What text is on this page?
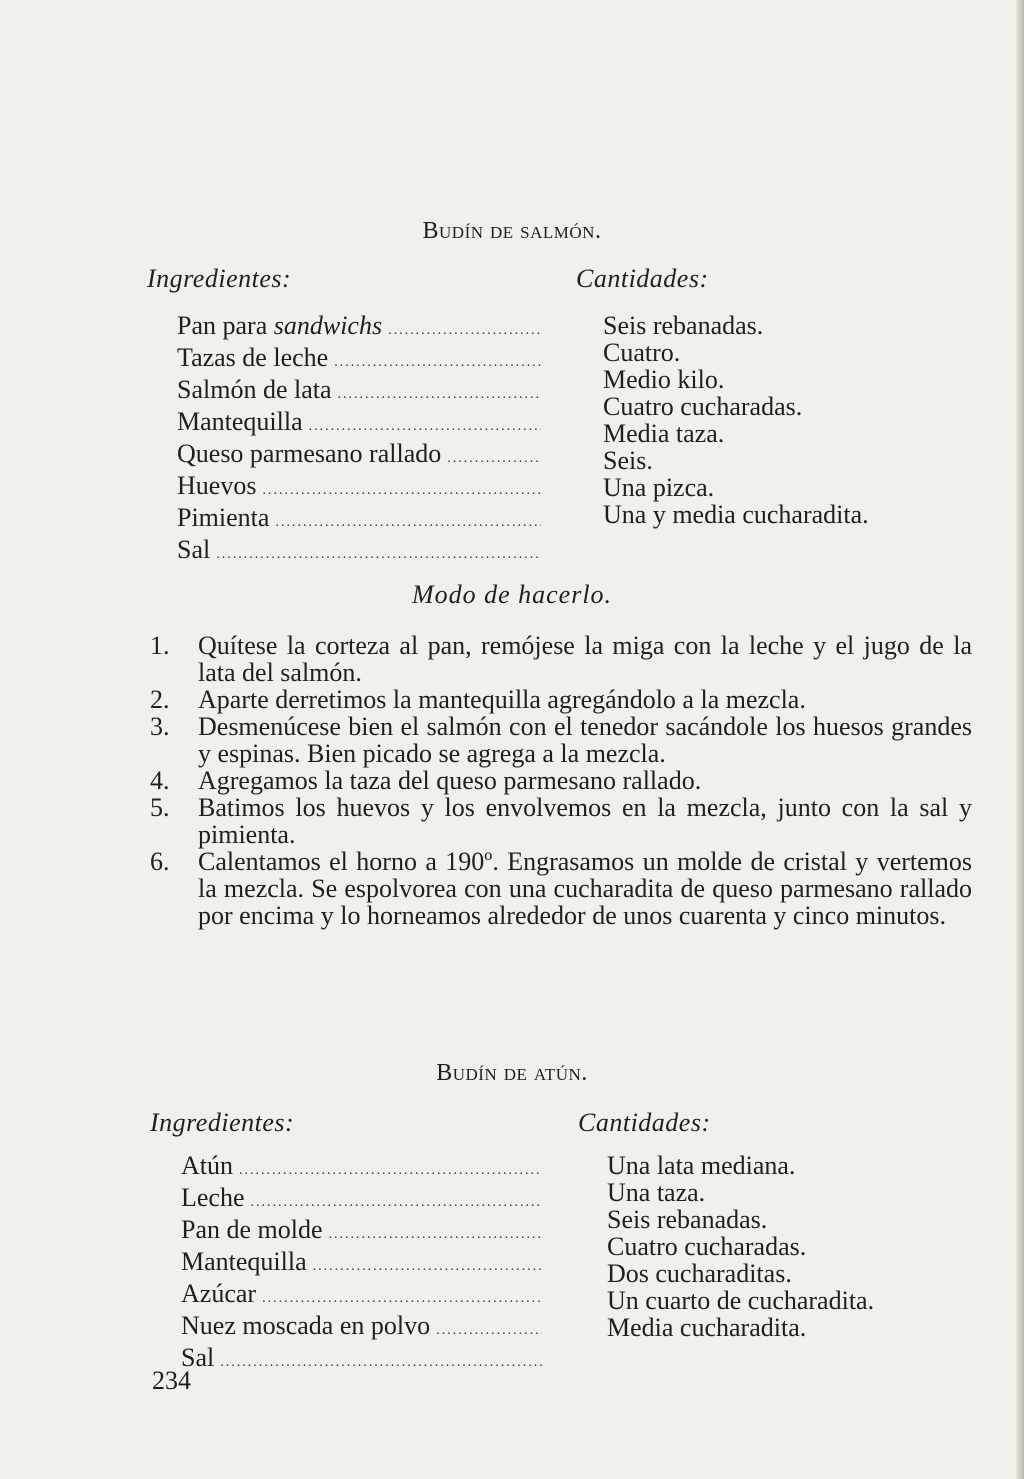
Budín de salmón.
Ingredientes:	Cantidades:
Pan para sandwichs
.....
Tazas de leche
.....
Salmón de lata
.....
Mantequilla
.....
Queso parmesano rallado
.....
Huevos
.....
Pimienta
.....
Sal
.....
Seis rebanadas.
Cuatro.
Medio kilo.
Cuatro cucharadas.
Media taza.
Seis.
Una pizca.
Una y media cucharadita.
Modo de hacerlo.
1. Quítese la corteza al pan, remójese la miga con la leche y el jugo de la lata del salmón.
2. Aparte derretimos la mantequilla agregándolo a la mezcla.
3. Desmenúcese bien el salmón con el tenedor sacándole los huesos grandes y espinas. Bien picado se agrega a la mezcla.
4. Agregamos la taza del queso parmesano rallado.
5. Batimos los huevos y los envolvemos en la mezcla, junto con la sal y pimienta.
6. Calentamos el horno a 190º. Engrasamos un molde de cristal y vertemos la mezcla. Se espolvorea con una cucharadita de queso parmesano rallado por encima y lo horneamos alrededor de unos cuarenta y cinco minutos.
Budín de atún.
Ingredientes:	Cantidades:
Atún
.....
Leche
.....
Pan de molde
.....
Mantequilla
.....
Azúcar
.....
Nuez moscada en polvo
.....
Sal
.....
Una lata mediana.
Una taza.
Seis rebanadas.
Cuatro cucharadas.
Dos cucharaditas.
Un cuarto de cucharadita.
Media cucharadita.
234
